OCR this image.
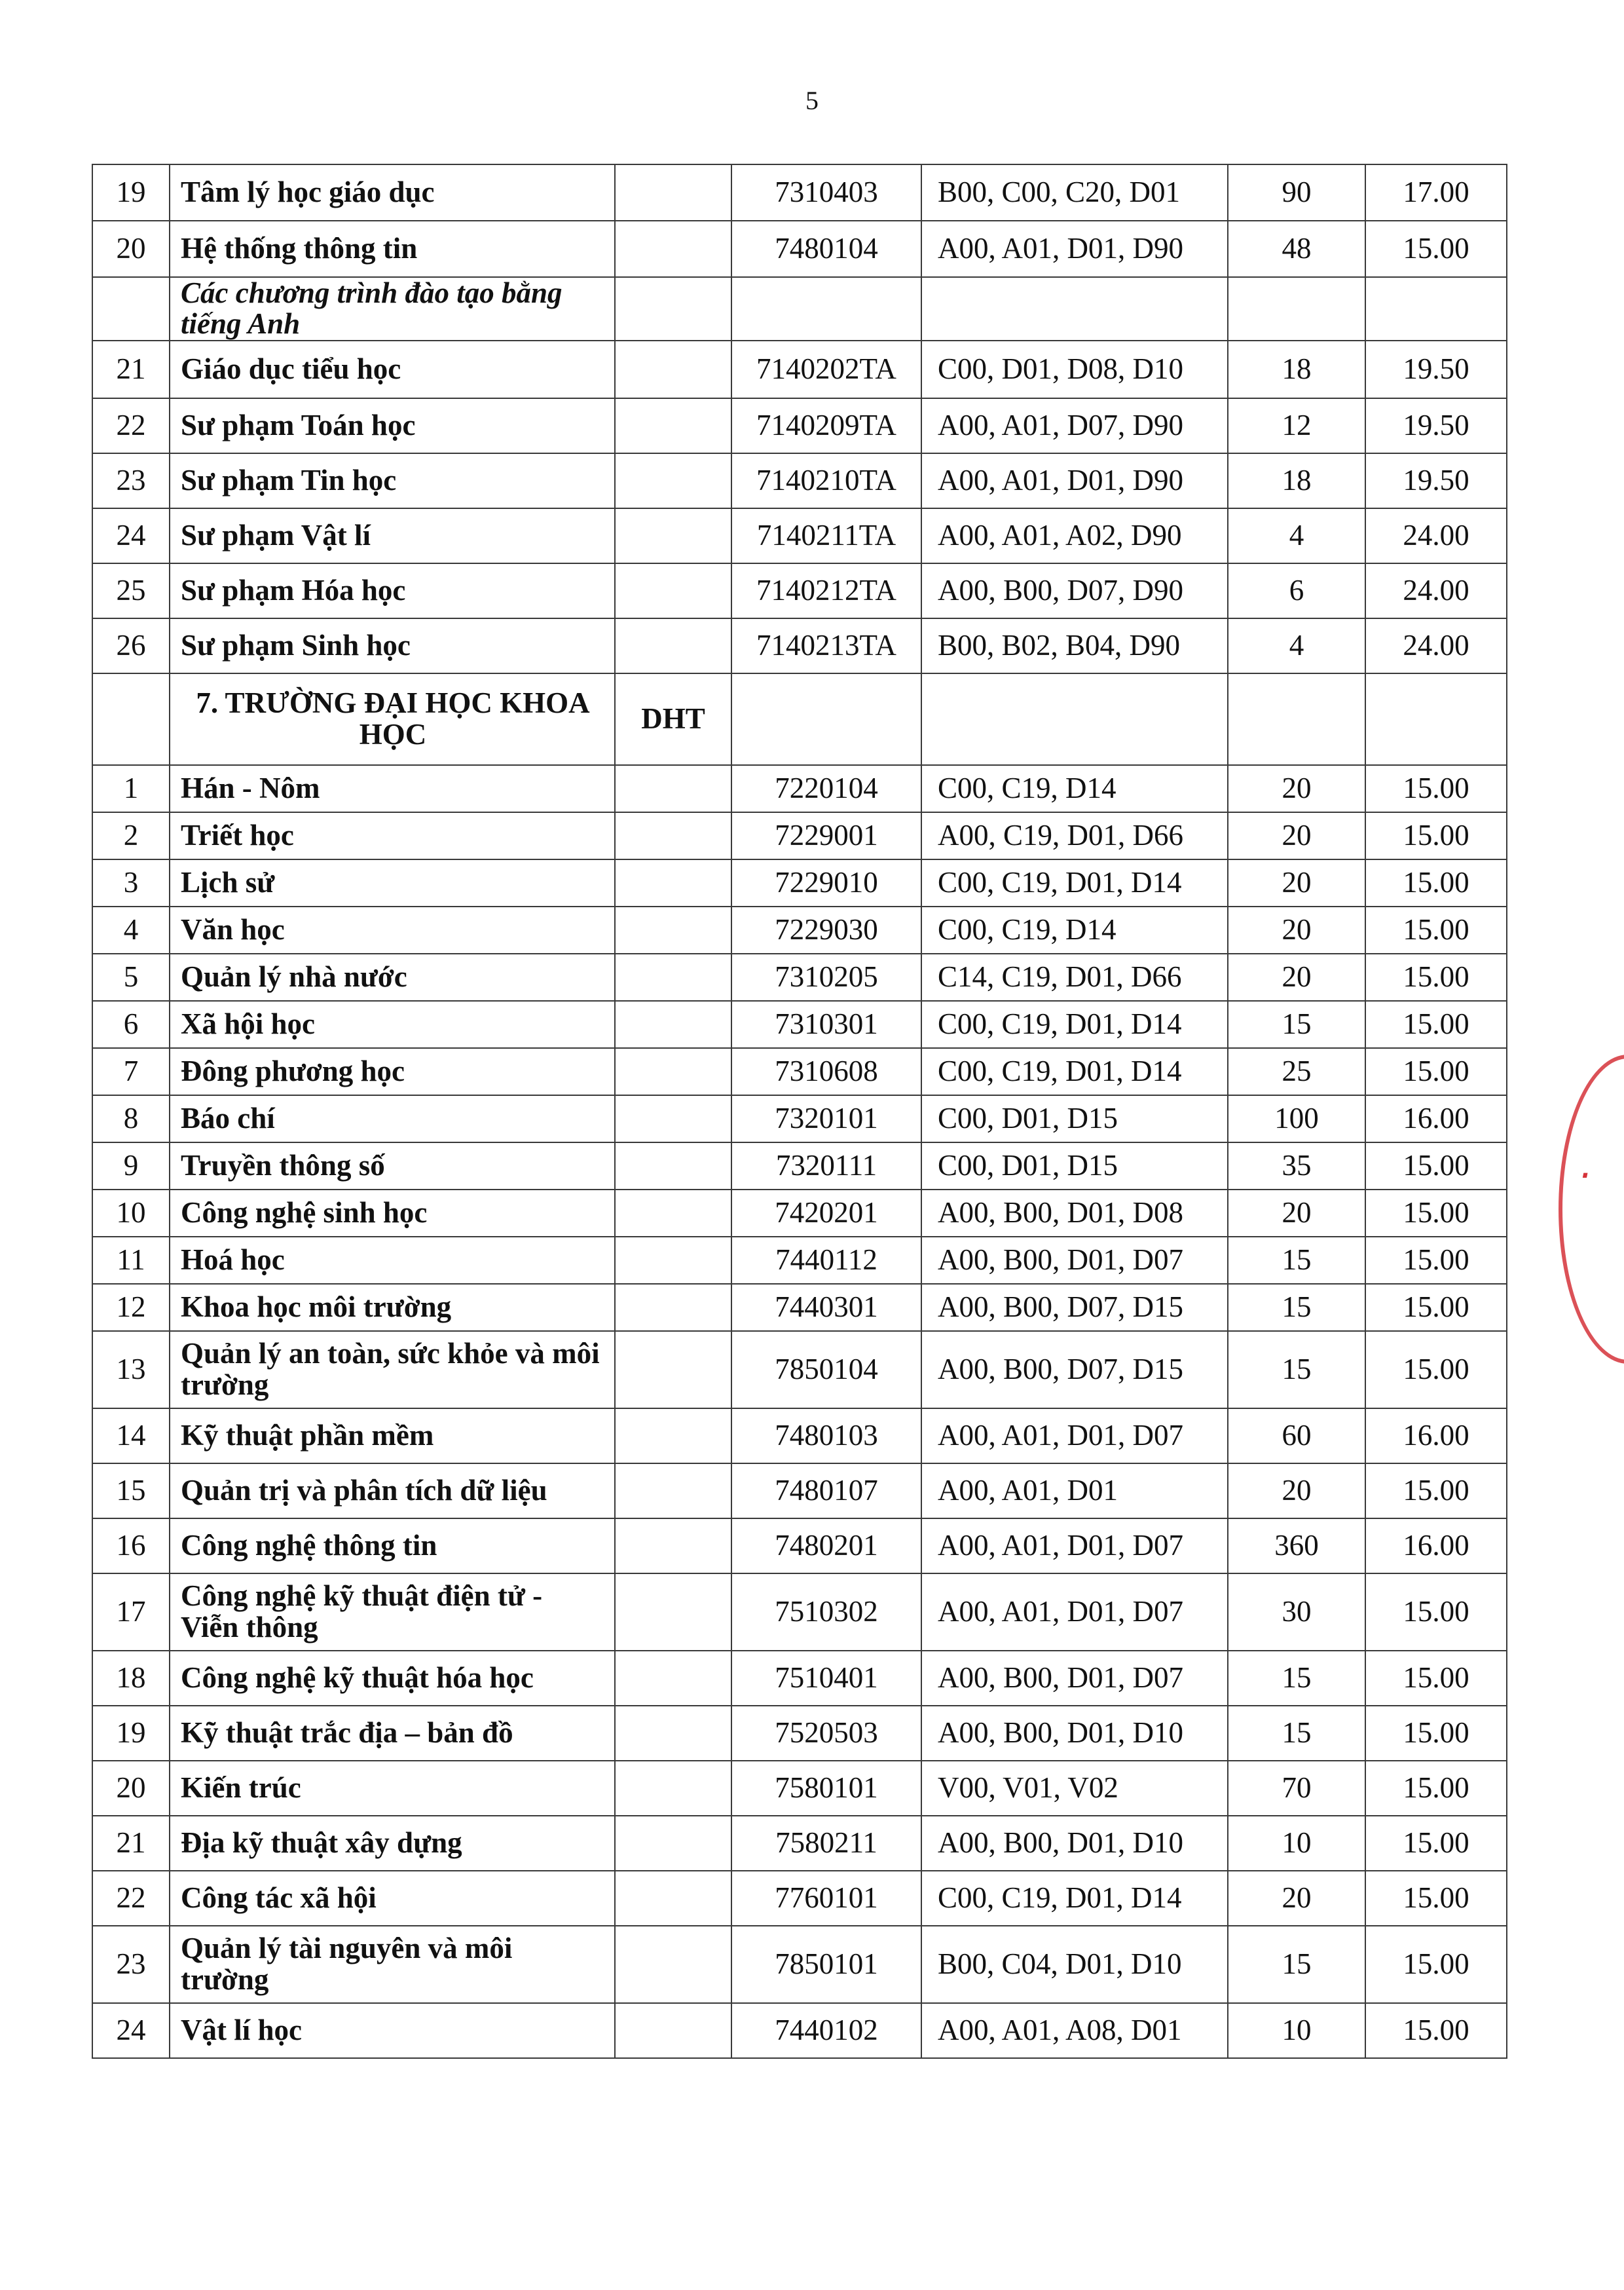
5
19	Tâm lý học giáo dục		7310403	B00, C00, C20, D01	90	17.00
20	Hệ thống thông tin		7480104	A00, A01, D01, D90	48	15.00
	Các chương trình đào tạo bằng tiếng Anh					
21	Giáo dục tiểu học		7140202TA	C00, D01, D08, D10	18	19.50
22	Sư phạm Toán học		7140209TA	A00, A01, D07, D90	12	19.50
23	Sư phạm Tin học		7140210TA	A00, A01, D01, D90	18	19.50
24	Sư phạm Vật lí		7140211TA	A00, A01, A02, D90	4	24.00
25	Sư phạm Hóa học		7140212TA	A00, B00, D07, D90	6	24.00
26	Sư phạm Sinh học		7140213TA	B00, B02, B04, D90	4	24.00
	7. TRƯỜNG ĐẠI HỌC KHOA HỌC	DHT				
1	Hán - Nôm		7220104	C00, C19, D14	20	15.00
2	Triết học		7229001	A00, C19, D01, D66	20	15.00
3	Lịch sử		7229010	C00, C19, D01, D14	20	15.00
4	Văn học		7229030	C00, C19, D14	20	15.00
5	Quản lý nhà nước		7310205	C14, C19, D01, D66	20	15.00
6	Xã hội học		7310301	C00, C19, D01, D14	15	15.00
7	Đông phương học		7310608	C00, C19, D01, D14	25	15.00
8	Báo chí		7320101	C00, D01, D15	100	16.00
9	Truyền thông số		7320111	C00, D01, D15	35	15.00
10	Công nghệ sinh học		7420201	A00, B00, D01, D08	20	15.00
11	Hoá học		7440112	A00, B00, D01, D07	15	15.00
12	Khoa học môi trường		7440301	A00, B00, D07, D15	15	15.00
13	Quản lý an toàn, sức khỏe và môi trường		7850104	A00, B00, D07, D15	15	15.00
14	Kỹ thuật phần mềm		7480103	A00, A01, D01, D07	60	16.00
15	Quản trị và phân tích dữ liệu		7480107	A00, A01, D01	20	15.00
16	Công nghệ thông tin		7480201	A00, A01, D01, D07	360	16.00
17	Công nghệ kỹ thuật điện tử - Viễn thông		7510302	A00, A01, D01, D07	30	15.00
18	Công nghệ kỹ thuật hóa học		7510401	A00, B00, D01, D07	15	15.00
19	Kỹ thuật trắc địa – bản đồ		7520503	A00, B00, D01, D10	15	15.00
20	Kiến trúc		7580101	V00, V01, V02	70	15.00
21	Địa kỹ thuật xây dựng		7580211	A00, B00, D01, D10	10	15.00
22	Công tác xã hội		7760101	C00, C19, D01, D14	20	15.00
23	Quản lý tài nguyên và môi trường		7850101	B00, C04, D01, D10	15	15.00
24	Vật lí học		7440102	A00, A01, A08, D01	10	15.00
·
